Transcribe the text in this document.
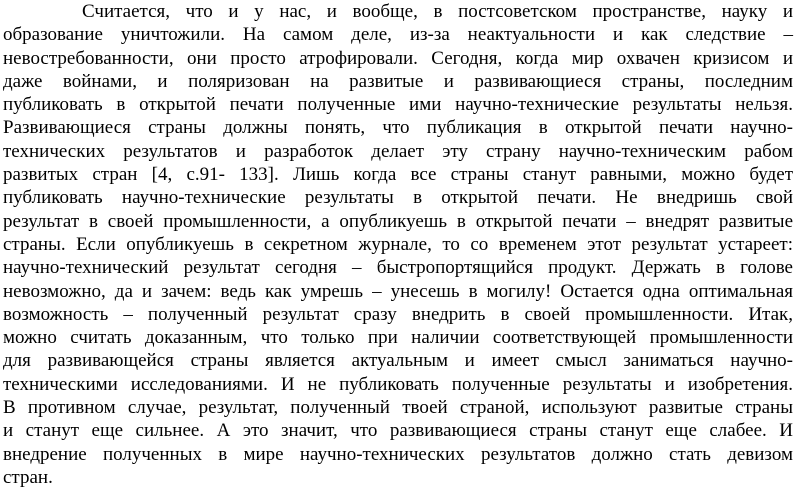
Считается, что и у нас, и вообще, в постсоветском пространстве, науку и
образование уничтожили. На самом деле, из-за неактуальности и как следствие –
невостребованности, они просто атрофировали. Сегодня, когда мир охвачен кризисом и
даже войнами, и поляризован на развитые и развивающиеся страны, последним
публиковать в открытой печати полученные ими научно-технические результаты нельзя.
Развивающиеся страны должны понять, что публикация в открытой печати научно-
технических результатов и разработок делает эту страну научно-техническим рабом
развитых стран [4, с.91- 133]. Лишь когда все страны станут равными, можно будет
публиковать научно-технические результаты в открытой печати. Не внедришь свой
результат в своей промышленности, а опубликуешь в открытой печати – внедрят развитые
страны. Если опубликуешь в секретном журнале, то со временем этот результат устареет:
научно-технический результат сегодня – быстропортящийся продукт. Держать в голове
невозможно, да и зачем: ведь как умрешь – унесешь в могилу! Остается одна оптимальная
возможность – полученный результат сразу внедрить в своей промышленности. Итак,
можно считать доказанным, что только при наличии соответствующей промышленности
для развивающейся страны является актуальным и имеет смысл заниматься научно-
техническими исследованиями. И не публиковать полученные результаты и изобретения.
В противном случае, результат, полученный твоей страной, используют развитые страны
и станут еще сильнее. А это значит, что развивающиеся страны станут еще слабее. И
внедрение полученных в мире научно-технических результатов должно стать девизом
стран.
